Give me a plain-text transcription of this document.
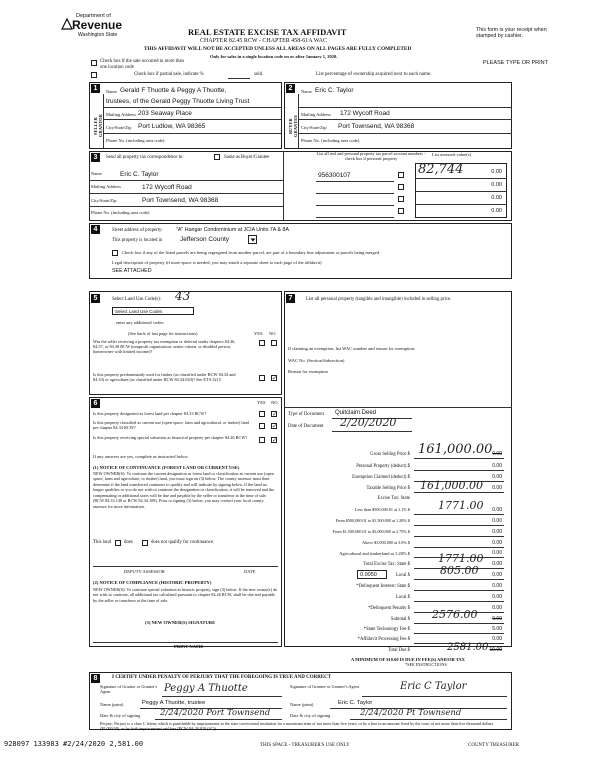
Department of
Revenue
Washington State	REAL ESTATE EXCISE TAX AFFIDAVIT
CHAPTER 82.45 RCW - CHAPTER 458-61A WAC
THIS AFFIDAVIT WILL NOT BE ACCEPTED UNLESS ALL AREAS ON ALL PAGES ARE FULLY COMPLETED
Only for sales in a single location code on or after January 1, 2020.
This form is your receipt when stamped by cashier.
PLEASE TYPE OR PRINT
Check box if the sale occurred in more than one location code
Check box if partial sale, indicate %	sold.	List percentage of ownership acquired next to each name.
1
SELLER GRANTOR
Name Gerald F Thuotte & Peggy A Thuotte,
trustees, of the Gerald Peggy Thuotte Living Trust
Mailing Address 203 Seaway Place
City/State/Zip Port Ludlow, WA 98365
Phone No. (including area code)
2
BUYER GRANTEE
Name Eric C. Taylor
Mailing Address 172 Wycoff Road
City/State/Zip Port Townsend, WA 98368
Phone No. (including area code)
3	Send all property tax correspondence to:	Same as Buyer/Grantee
List all real and personal property tax parcel account numbers - check box if personal property
List assessed value(s)
Name	Eric C. Taylor
Mailing Address	172 Wycoff Road
City/State/Zip	Port Townsend, WA 98368
Phone No. (including area code)
956300107	82,744	0.00
0.00
0.00
0.00
4	Street address of property: "A" Hangar Condominium at JCIA Units 7A & 8A
This property is located in	Jefferson County
Check box if any of the listed parcels are being segregated from another parcel, are part of a boundary line adjustment or parcels being merged.
Legal description of property (if more space is needed, you may attach a separate sheet to each page of the affidavit)
SEE ATTACHED
5	Select Land Use Code(s): 43
Select Land Use Codes
enter any additional codes:
(See back of last page for instructions)	YES NO
Was the seller receiving a property tax exemption or deferral under chapters 84.36, 84.37, or 84.38 RCW (nonprofit organization, senior citizen, or disabled person, homeowner with limited income)?
Is this property predominantly used for timber (as classified under RCW 84.34 and 84.33) or agriculture (as classified under RCW 84.34.020)? See ETA 3215	✓
6	YES NO
Is this property designated as forest land per chapter 84.33 RCW?	✓
Is this property classified as current use (open space, farm and agricultural, or timber) land per chapter 84.34 RCW?	✓
Is this property receiving special valuation as historical property per chapter 84.26 RCW?	✓
If any answers are yes, complete as instructed below.
(1) NOTICE OF CONTINUANCE (FOREST LAND OR CURRENT USE)
NEW OWNER(S): To continue the current designation as forest land or classification as current use (open space, farm and agriculture, or timber) land, you must sign on (3) below. The county assessor must then determine if the land transferred continues to qualify and will indicate by signing below. If the land no longer qualifies or you do not wish to continue the designation or classification, it will be removed and the compensating or additional taxes will be due and payable by the seller or transferor at the time of sale. (RCW 84.33.140 or RCW 84.34.108). Prior to signing (3) below, you may contact your local county assessor for more information.
This land	does	does not qualify for continuance.
DEPUTY ASSESSOR	DATE
(2) NOTICE OF COMPLIANCE (HISTORIC PROPERTY)
NEW OWNER(S): To continue special valuation as historic property, sign (3) below. If the new owner(s) do not wish to continue, all additional tax calculated pursuant to chapter 84.26 RCW, shall be due and payable by the seller or transferor at the time of sale.
(3) NEW OWNER(S) SIGNATURE
PRINT NAME
7	List all personal property (tangible and intangible) included in selling price.
If claiming an exemption, list WAC number and reason for exemption:
WAC No. (Section/Subsection)
Reason for exemption
Type of Document Quitclaim Deed
Date of Document 2/20/2020
Gross Selling Price $ 161,000.00 0.00
Personal Property (deduct) $	0.00
Exemption Claimed (deduct) $	0.00
Taxable Selling Price $ 161,000.00	0.00
Excise Tax: State
Less than $500,000.01 at 1.1% $	1771.00	0.00
From $500,000.01 to $1,500,000 at 1.28% $	0.00
From $1,500,000.01 to $3,000,000 at 2.75% $	0.00
Above $3,000,000 at 3.0% $	0.00
Agricultural and timberland at 1.28% $	0.00
Total Excise Tax: State $	1771.00	0.00
0.0050	Local $	805.00	0.00
*Delinquent Interest: State $	0.00
Local $	0.00
*Delinquent Penalty $	0.00
Subtotal $ 2576.00	0.00
*State Technology Fee $	5.00
*Affidavit Processing Fee $	0.00
Total Due $	2581.00 10.00
A MINIMUM OF $10.00 IS DUE IN FEE(S) AND/OR TAX
*SEE INSTRUCTIONS
8	I CERTIFY UNDER PENALTY OF PERJURY THAT THE FOREGOING IS TRUE AND CORRECT
Signature of Grantor or Grantor's Agent	Peggy A Thuotte
Name (print)	Peggy A Thuotte, trustee
Date & city of signing 2/24/2020 Port Townsend
Signature of Grantee or Grantee's Agent	Eric C Taylor
Name (print)	Eric C. Taylor
Date & city of signing	2/24/2020 Pt Townsend
Perjury: Perjury is a class C felony which is punishable by imprisonment in the state correctional institution for a maximum term of not more than five years, or by a fine in an amount fixed by the court of not more than five thousand dollars ($5,000.00), or by both imprisonment and fine (RCW 9A.20.020 (1C)).
928097 133983 #2/24/2020 2,581.00	THIS SPACE - TREASURER'S USE ONLY	COUNTY TREASURER
